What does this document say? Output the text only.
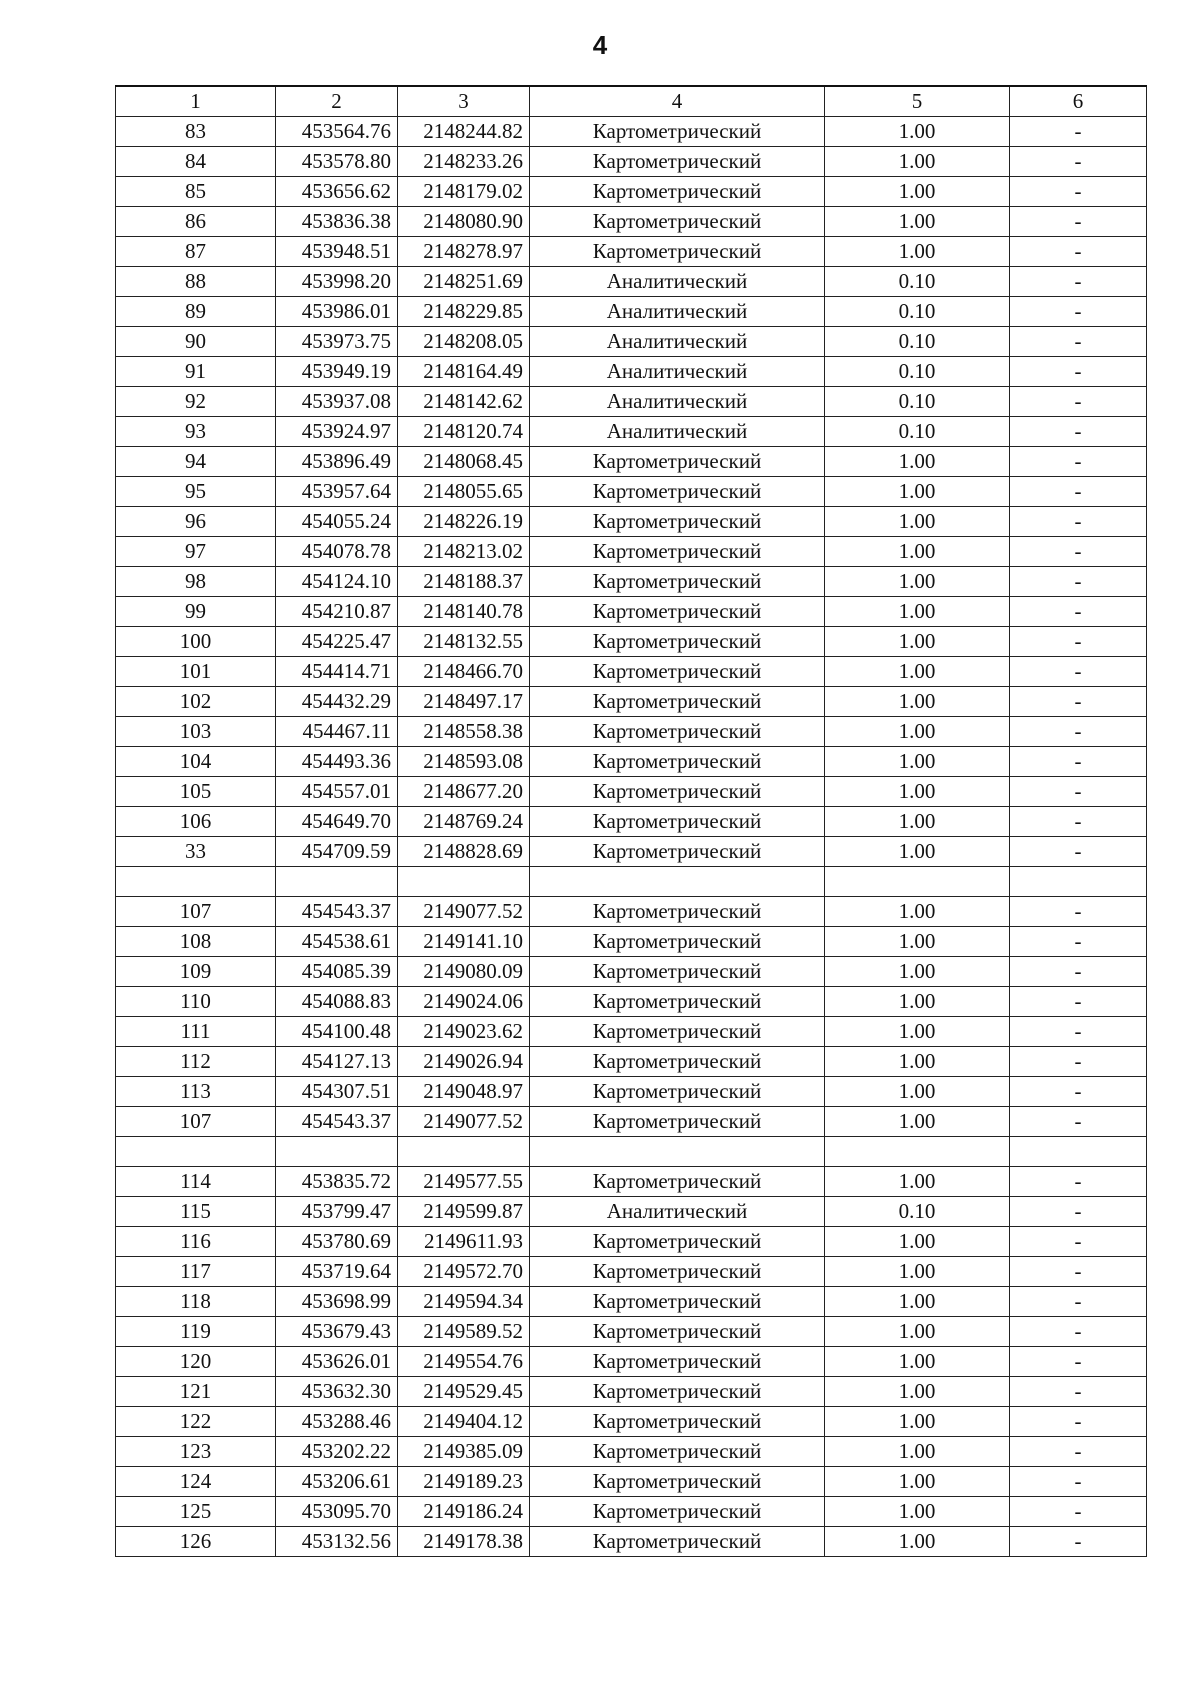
4
1	2	3	4	5	6
83	453564.76	2148244.82	Картометрический	1.00	-
84	453578.80	2148233.26	Картометрический	1.00	-
85	453656.62	2148179.02	Картометрический	1.00	-
86	453836.38	2148080.90	Картометрический	1.00	-
87	453948.51	2148278.97	Картометрический	1.00	-
88	453998.20	2148251.69	Аналитический	0.10	-
89	453986.01	2148229.85	Аналитический	0.10	-
90	453973.75	2148208.05	Аналитический	0.10	-
91	453949.19	2148164.49	Аналитический	0.10	-
92	453937.08	2148142.62	Аналитический	0.10	-
93	453924.97	2148120.74	Аналитический	0.10	-
94	453896.49	2148068.45	Картометрический	1.00	-
95	453957.64	2148055.65	Картометрический	1.00	-
96	454055.24	2148226.19	Картометрический	1.00	-
97	454078.78	2148213.02	Картометрический	1.00	-
98	454124.10	2148188.37	Картометрический	1.00	-
99	454210.87	2148140.78	Картометрический	1.00	-
100	454225.47	2148132.55	Картометрический	1.00	-
101	454414.71	2148466.70	Картометрический	1.00	-
102	454432.29	2148497.17	Картометрический	1.00	-
103	454467.11	2148558.38	Картометрический	1.00	-
104	454493.36	2148593.08	Картометрический	1.00	-
105	454557.01	2148677.20	Картометрический	1.00	-
106	454649.70	2148769.24	Картометрический	1.00	-
33	454709.59	2148828.69	Картометрический	1.00	-

107	454543.37	2149077.52	Картометрический	1.00	-
108	454538.61	2149141.10	Картометрический	1.00	-
109	454085.39	2149080.09	Картометрический	1.00	-
110	454088.83	2149024.06	Картометрический	1.00	-
111	454100.48	2149023.62	Картометрический	1.00	-
112	454127.13	2149026.94	Картометрический	1.00	-
113	454307.51	2149048.97	Картометрический	1.00	-
107	454543.37	2149077.52	Картометрический	1.00	-

114	453835.72	2149577.55	Картометрический	1.00	-
115	453799.47	2149599.87	Аналитический	0.10	-
116	453780.69	2149611.93	Картометрический	1.00	-
117	453719.64	2149572.70	Картометрический	1.00	-
118	453698.99	2149594.34	Картометрический	1.00	-
119	453679.43	2149589.52	Картометрический	1.00	-
120	453626.01	2149554.76	Картометрический	1.00	-
121	453632.30	2149529.45	Картометрический	1.00	-
122	453288.46	2149404.12	Картометрический	1.00	-
123	453202.22	2149385.09	Картометрический	1.00	-
124	453206.61	2149189.23	Картометрический	1.00	-
125	453095.70	2149186.24	Картометрический	1.00	-
126	453132.56	2149178.38	Картометрический	1.00	-
